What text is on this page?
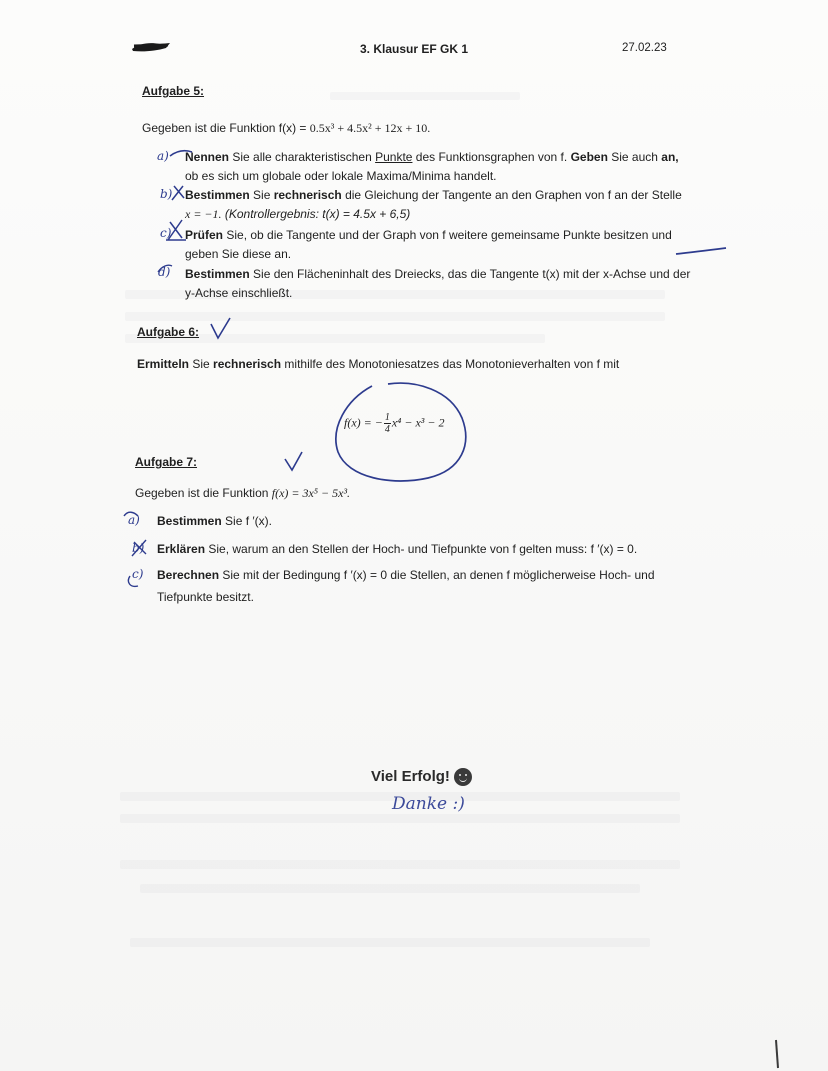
3. Klausur EF GK 1	27.02.23
Aufgabe 5:
Gegeben ist die Funktion f(x) = 0.5x³ + 4.5x² + 12x + 10.
a) Nennen Sie alle charakteristischen Punkte des Funktionsgraphen von f. Geben Sie auch an,
ob es sich um globale oder lokale Maxima/Minima handelt.
b) Bestimmen Sie rechnerisch die Gleichung der Tangente an den Graphen von f an der Stelle
x = −1. (Kontrollergebnis: t(x) = 4.5x + 6,5)
c) Prüfen Sie, ob die Tangente und der Graph von f weitere gemeinsame Punkte besitzen und
geben Sie diese an.
d) Bestimmen Sie den Flächeninhalt des Dreiecks, das die Tangente t(x) mit der x-Achse und der
y-Achse einschließt.
Aufgabe 6:
Ermitteln Sie rechnerisch mithilfe des Monotoniesatzes das Monotonieverhalten von f mit
f(x) = − $\frac{1}{4} x^4 - x^3 - 2$
Aufgabe 7:
Gegeben ist die Funktion f(x) = 3x⁵ − 5x³.
a) Bestimmen Sie f ′(x).
b) Erklären Sie, warum an den Stellen der Hoch- und Tiefpunkte von f gelten muss: f ′(x) = 0.
c) Berechnen Sie mit der Bedingung f ′(x) = 0 die Stellen, an denen f möglicherweise Hoch- und
Tiefpunkte besitzt.
Viel Erfolg!
Danke :)
